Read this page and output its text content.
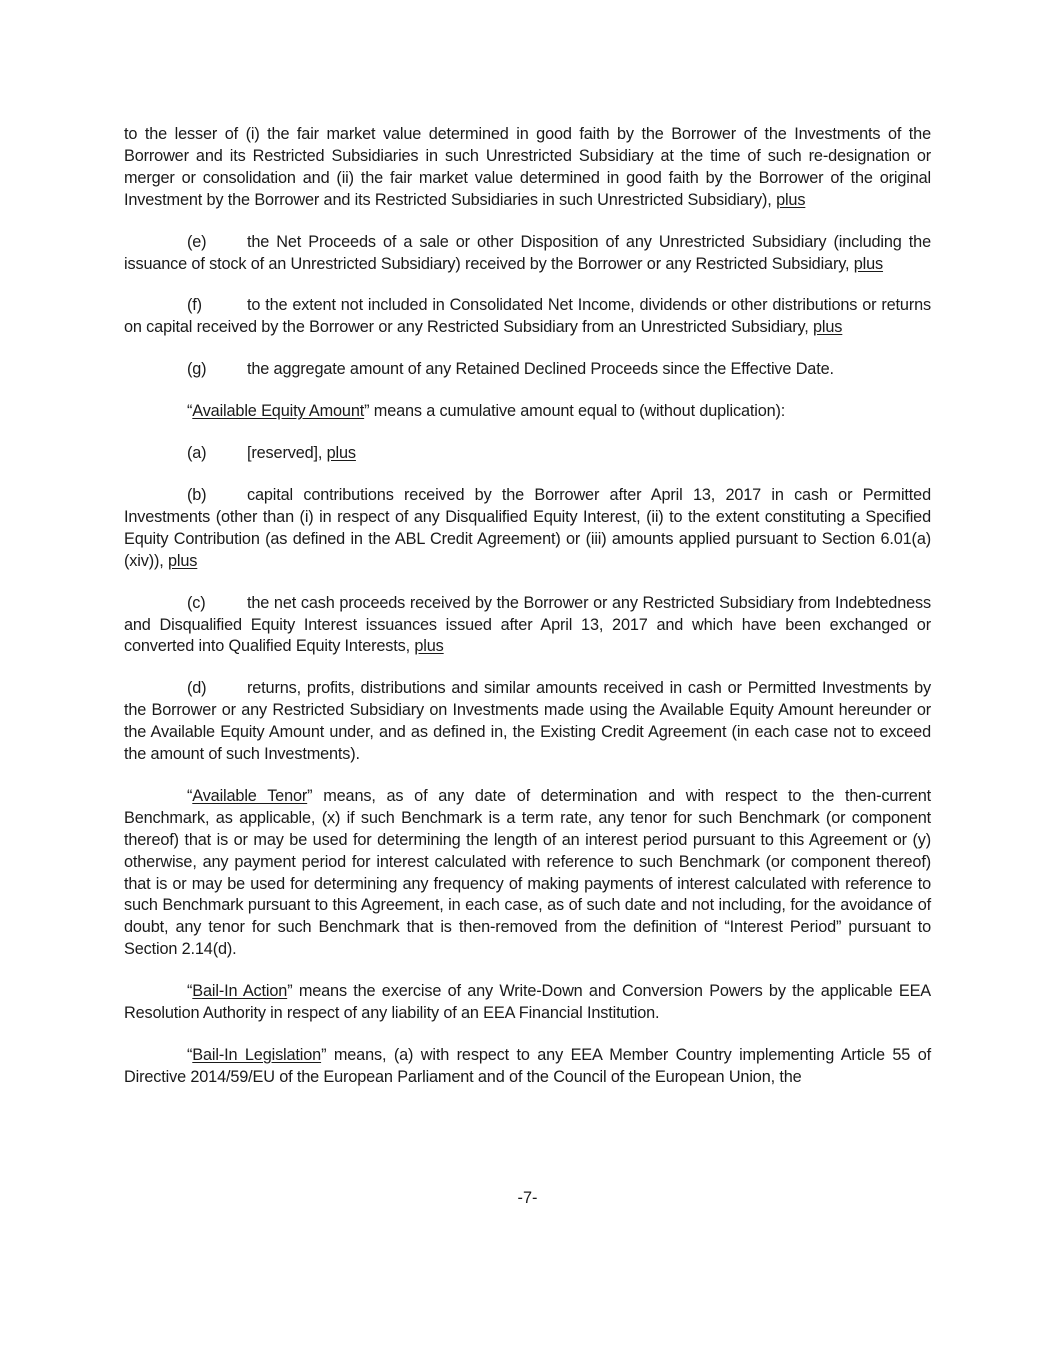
to the lesser of (i) the fair market value determined in good faith by the Borrower of the Investments of the Borrower and its Restricted Subsidiaries in such Unrestricted Subsidiary at the time of such re-designation or merger or consolidation and (ii) the fair market value determined in good faith by the Borrower of the original Investment by the Borrower and its Restricted Subsidiaries in such Unrestricted Subsidiary), plus

(e) the Net Proceeds of a sale or other Disposition of any Unrestricted Subsidiary (including the issuance of stock of an Unrestricted Subsidiary) received by the Borrower or any Restricted Subsidiary, plus

(f)	to the extent not included in Consolidated Net Income, dividends or other distributions or returns on capital received by the Borrower or any Restricted Subsidiary from an Unrestricted Subsidiary, plus

(g) the aggregate amount of any Retained Declined Proceeds since the Effective Date.

“Available Equity Amount” means a cumulative amount equal to (without duplication):

(a) [reserved], plus

(b) capital contributions received by the Borrower after April 13, 2017 in cash or Permitted Investments (other than (i) in respect of any Disqualified Equity Interest, (ii) to the extent constituting a Specified Equity Contribution (as defined in the ABL Credit Agreement) or (iii) amounts applied pursuant to Section 6.01(a)(xiv)), plus

(c)	the net cash proceeds received by the Borrower or any Restricted Subsidiary from Indebtedness and Disqualified Equity Interest issuances issued after April 13, 2017 and which have been exchanged or converted into Qualified Equity Interests, plus

(d) returns, profits, distributions and similar amounts received in cash or Permitted Investments by the Borrower or any Restricted Subsidiary on Investments made using the Available Equity Amount hereunder or the Available Equity Amount under, and as defined in, the Existing Credit Agreement (in each case not to exceed the amount of such Investments).

“Available Tenor” means, as of any date of determination and with respect to the then-current Benchmark, as applicable, (x) if such Benchmark is a term rate, any tenor for such Benchmark (or component thereof) that is or may be used for determining the length of an interest period pursuant to this Agreement or (y) otherwise, any payment period for interest calculated with reference to such Benchmark (or component thereof) that is or may be used for determining any frequency of making payments of interest calculated with reference to such Benchmark pursuant to this Agreement, in each case, as of such date and not including, for the avoidance of doubt, any tenor for such Benchmark that is then-removed from the definition of “Interest Period” pursuant to Section 2.14(d).

“Bail-In Action” means the exercise of any Write-Down and Conversion Powers by the applicable EEA Resolution Authority in respect of any liability of an EEA Financial Institution.

“Bail-In Legislation” means, (a) with respect to any EEA Member Country implementing Article 55 of Directive 2014/59/EU of the European Parliament and of the Council of the European Union, the

-7-
